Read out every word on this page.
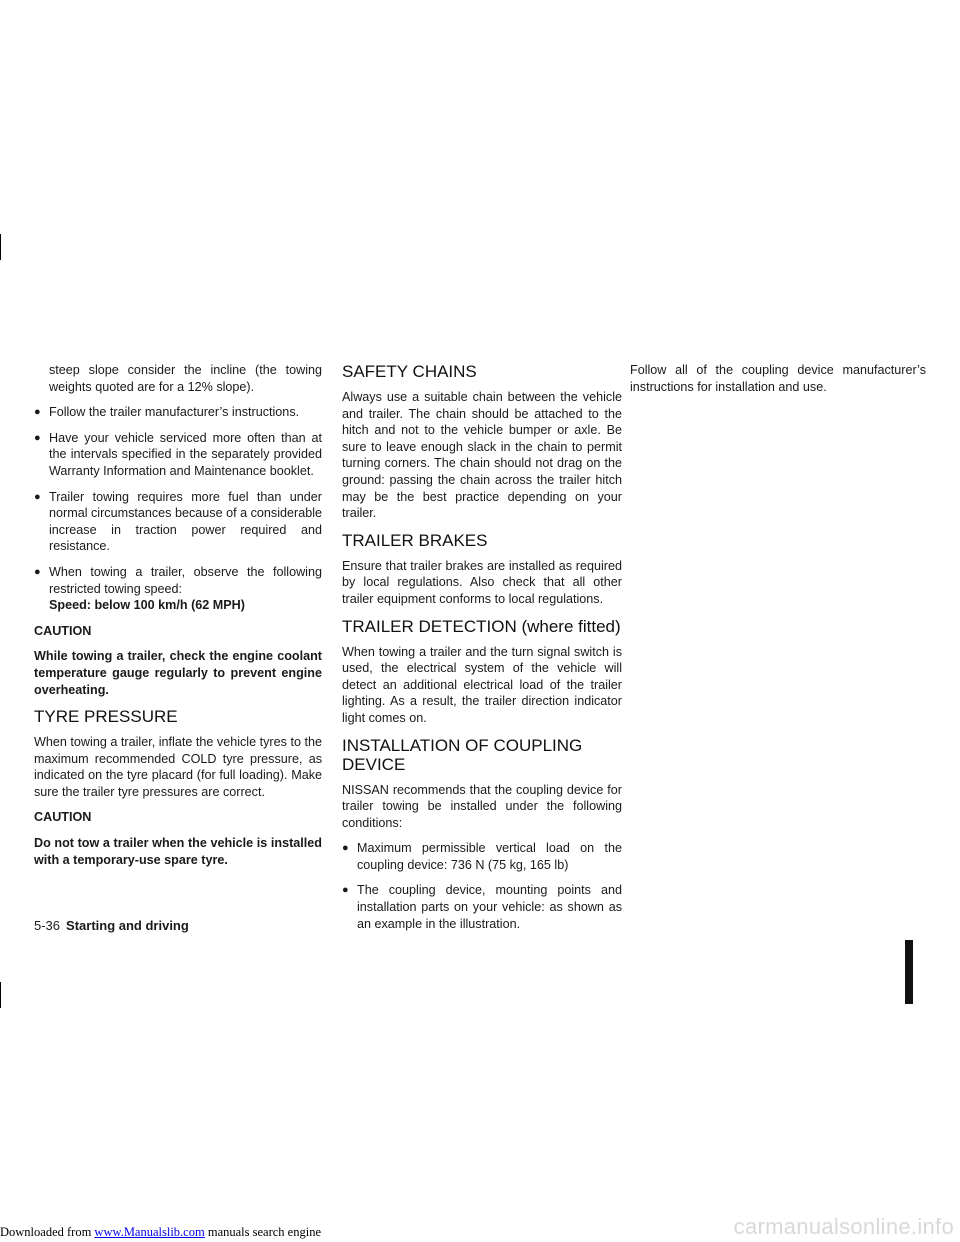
steep slope consider the incline (the towing weights quoted are for a 12% slope).

● Follow the trailer manufacturer’s instructions.
● Have your vehicle serviced more often than at the intervals specified in the separately provided Warranty Information and Maintenance booklet.
● Trailer towing requires more fuel than under normal circumstances because of a considerable increase in traction power required and resistance.
● When towing a trailer, observe the following restricted towing speed:
Speed: below 100 km/h (62 MPH)
CAUTION

While towing a trailer, check the engine coolant temperature gauge regularly to prevent engine overheating.

TYRE PRESSURE

When towing a trailer, inflate the vehicle tyres to the maximum recommended COLD tyre pressure, as indicated on the tyre placard (for full loading). Make sure the trailer tyre pressures are correct.

CAUTION

Do not tow a trailer when the vehicle is installed with a temporary-use spare tyre.

SAFETY CHAINS

Always use a suitable chain between the vehicle and trailer. The chain should be attached to the hitch and not to the vehicle bumper or axle. Be sure to leave enough slack in the chain to permit turning corners. The chain should not drag on the ground: passing the chain across the trailer hitch may be the best practice depending on your trailer.

TRAILER BRAKES

Ensure that trailer brakes are installed as required by local regulations. Also check that all other trailer equipment conforms to local regulations.

TRAILER DETECTION (where fitted)

When towing a trailer and the turn signal switch is used, the electrical system of the vehicle will detect an additional electrical load of the trailer lighting. As a result, the trailer direction indicator light comes on.

INSTALLATION OF COUPLING
DEVICE

NISSAN recommends that the coupling device for trailer towing be installed under the following conditions:

● Maximum permissible vertical load on the coupling device: 736 N (75 kg, 165 lb)
● The coupling device, mounting points and installation parts on your vehicle: as shown as an example in the illustration.

Follow all of the coupling device manufacturer’s instructions for installation and use.

5-36 Starting and driving
Downloaded from www.Manualslib.com manuals search engine	carmanualsonline.info
